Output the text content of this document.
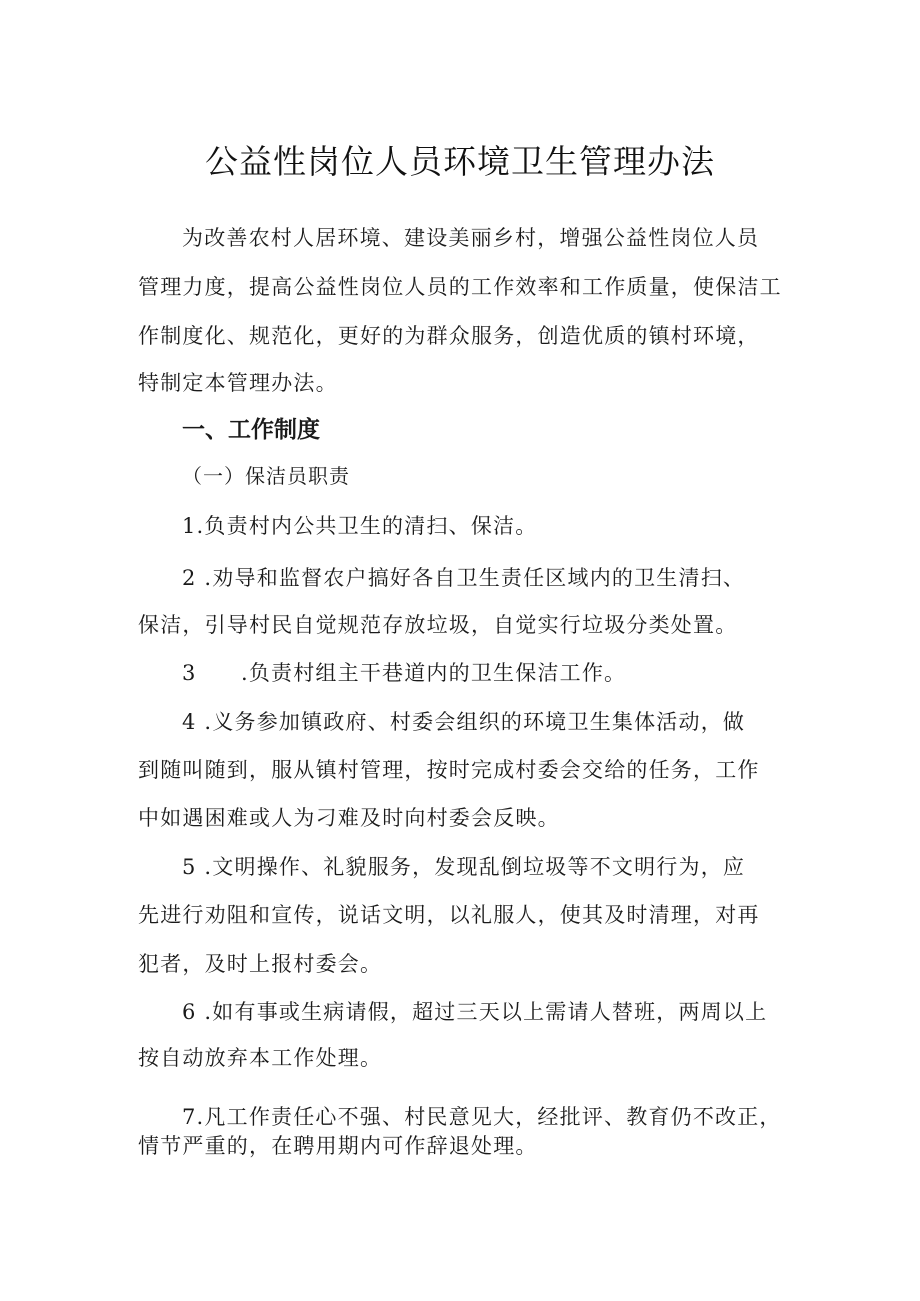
公益性岗位人员环境卫生管理办法

为改善农村人居环境、建设美丽乡村，增强公益性岗位人员

管理力度，提高公益性岗位人员的工作效率和工作质量，使保洁工

作制度化、规范化，更好的为群众服务，创造优质的镇村环境，

特制定本管理办法。

一、工作制度

（一）保洁员职责

1.负责村内公共卫生的清扫、保洁。

2 .劝导和监督农户搞好各自卫生责任区域内的卫生清扫、

保洁，引导村民自觉规范存放垃圾，自觉实行垃圾分类处置。

3　　.负责村组主干巷道内的卫生保洁工作。

4 .义务参加镇政府、村委会组织的环境卫生集体活动，做

到随叫随到，服从镇村管理，按时完成村委会交给的任务，工作

中如遇困难或人为刁难及时向村委会反映。

5 .文明操作、礼貌服务，发现乱倒垃圾等不文明行为，应

先进行劝阻和宣传，说话文明，以礼服人，使其及时清理，对再

犯者，及时上报村委会。

6 .如有事或生病请假，超过三天以上需请人替班，两周以上

按自动放弃本工作处理。

7.凡工作责任心不强、村民意见大，经批评、教育仍不改正，

情节严重的，在聘用期内可作辞退处理。
